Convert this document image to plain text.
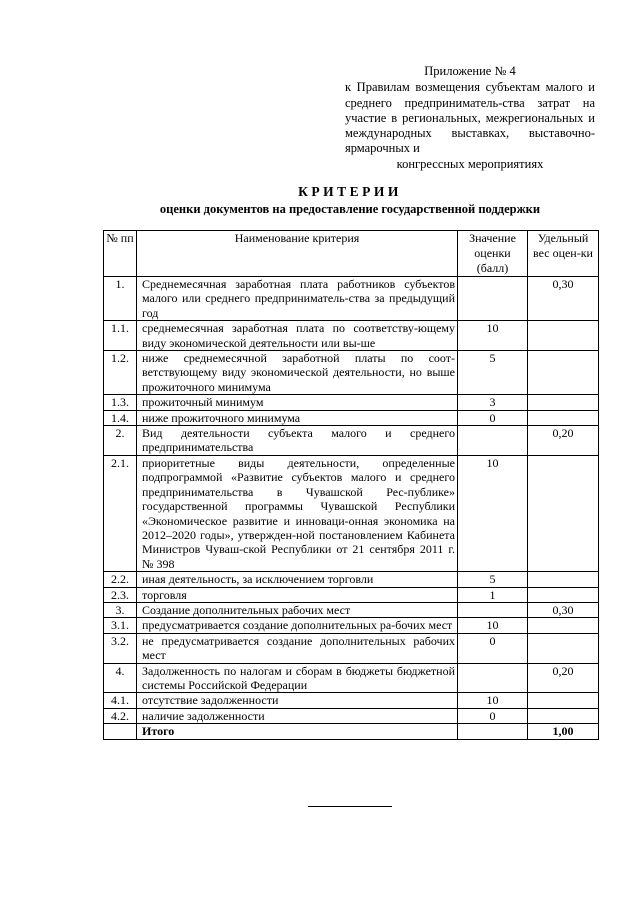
Приложение № 4
к Правилам возмещения субъектам малого и среднего предприниматель-ства затрат на участие в региональных, межрегиональных и международных выставках, выставочно-ярмарочных и
конгрессных мероприятиях
КРИТЕРИИ
оценки документов на предоставление государственной поддержки
№ пп	Наименование критерия	Значение оценки (балл)	Удельный вес оцен-ки
1.	Среднемесячная заработная плата работников субъектов малого или среднего предприниматель-ства за предыдущий год		0,30
1.1.	среднемесячная заработная плата по соответству-ющему виду экономической деятельности или вы-ше	10	
1.2.	ниже среднемесячной заработной платы по соот-ветствующему виду экономической деятельности, но выше прожиточного минимума	5	
1.3.	прожиточный минимум	3	
1.4.	ниже прожиточного минимума	0	
2.	Вид деятельности субъекта малого и среднего предпринимательства		0,20
2.1.	приоритетные виды деятельности, определенные подпрограммой «Развитие субъектов малого и среднего предпринимательства в Чувашской Рес-публике» государственной программы Чувашской Республики «Экономическое развитие и инноваци-онная экономика на 2012–2020 годы», утвержден-ной постановлением Кабинета Министров Чуваш-ской Республики от 21 сентября 2011 г. № 398	10	
2.2.	иная деятельность, за исключением торговли	5	
2.3.	торговля	1	
3.	Создание дополнительных рабочих мест		0,30
3.1.	предусматривается создание дополнительных ра-бочих мест	10	
3.2.	не предусматривается создание дополнительных рабочих мест	0	
4.	Задолженность по налогам и сборам в бюджеты бюджетной системы Российской Федерации		0,20
4.1.	отсутствие задолженности	10	
4.2.	наличие задолженности	0	
	Итого		1,00
